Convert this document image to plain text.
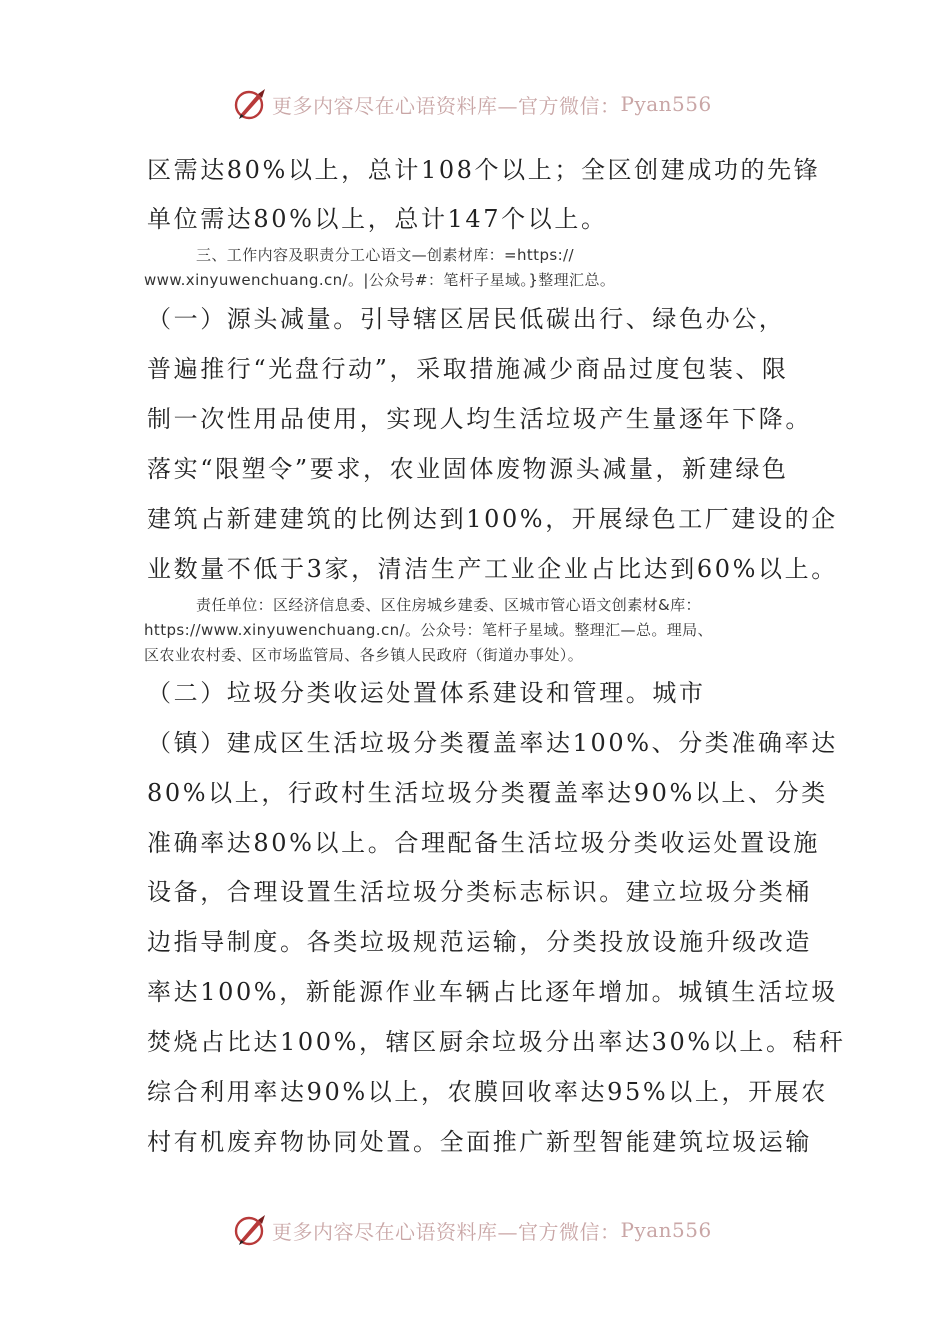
更多内容尽在心语资料库—官方微信： Pyan556
区需达80%以上，总计108个以上；全区创建成功的先锋
单位需达80%以上，总计147个以上。
三、工作内容及职责分工心语文—创素材库：=https://
www.xinyuwenchuang.cn/。|公众号#：笔杆子星域。}整理汇总。
（一）源头减量。引导辖区居民低碳出行、绿色办公，
普遍推行“光盘行动”，采取措施减少商品过度包装、限
制一次性用品使用，实现人均生活垃圾产生量逐年下降。
落实“限塑令”要求，农业固体废物源头减量，新建绿色
建筑占新建建筑的比例达到100%，开展绿色工厂建设的企
业数量不低于3家，清洁生产工业企业占比达到60%以上。
责任单位：区经济信息委、区住房城乡建委、区城市管心语文创素材&库：
https://www.xinyuwenchuang.cn/。公众号：笔杆子星域。整理汇—总。理局、
区农业农村委、区市场监管局、各乡镇人民政府（街道办事处）。
（二）垃圾分类收运处置体系建设和管理。城市
（镇）建成区生活垃圾分类覆盖率达100%、分类准确率达
80%以上，行政村生活垃圾分类覆盖率达90%以上、分类
准确率达80%以上。合理配备生活垃圾分类收运处置设施
设备，合理设置生活垃圾分类标志标识。建立垃圾分类桶
边指导制度。各类垃圾规范运输，分类投放设施升级改造
率达100%，新能源作业车辆占比逐年增加。城镇生活垃圾
焚烧占比达100%，辖区厨余垃圾分出率达30%以上。秸秆
综合利用率达90%以上，农膜回收率达95%以上，开展农
村有机废弃物协同处置。全面推广新型智能建筑垃圾运输
更多内容尽在心语资料库—官方微信： Pyan556
